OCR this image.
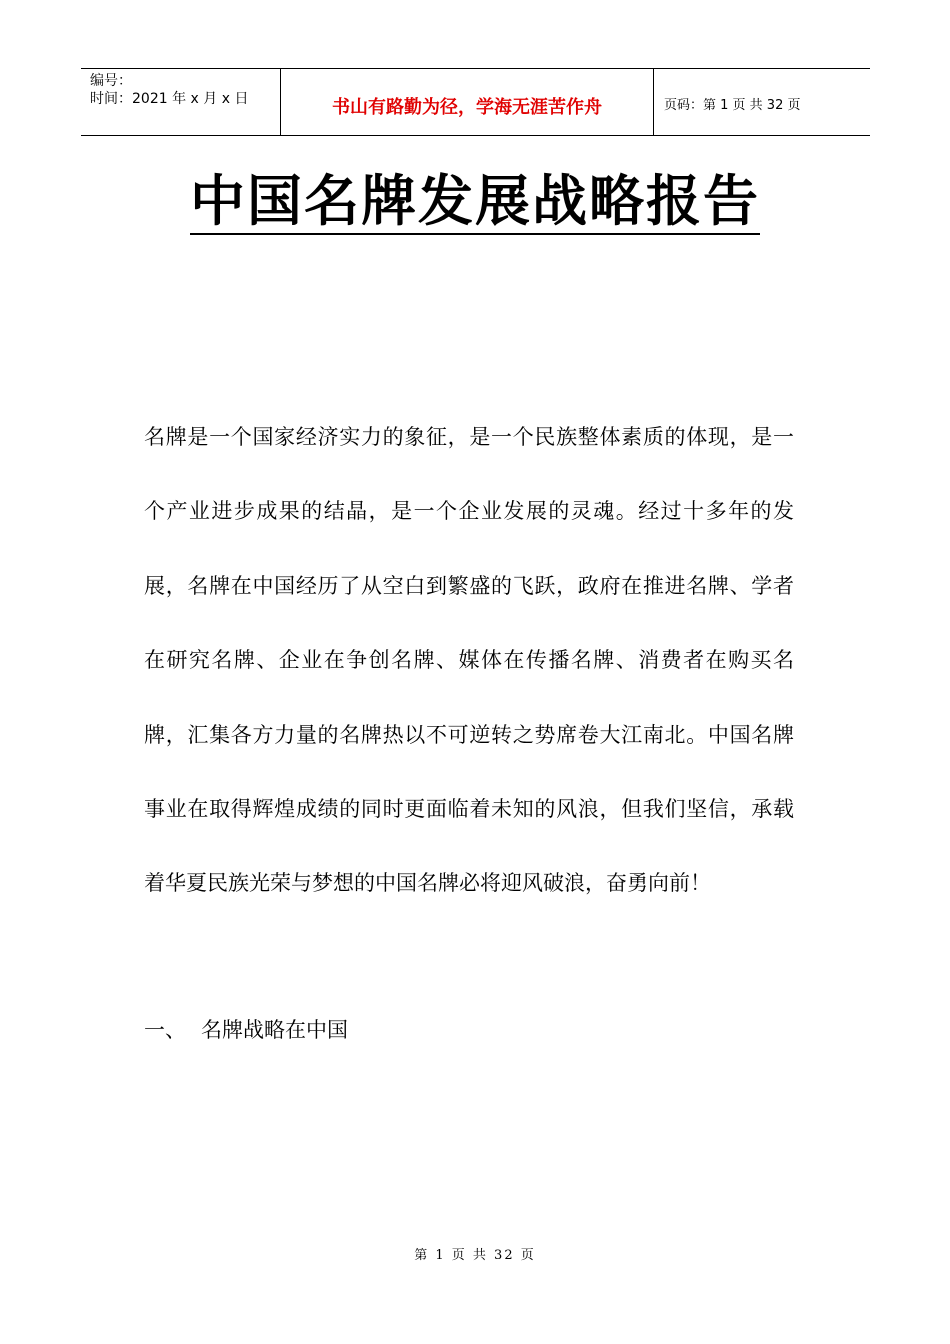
编号：
时间：2021 年 x 月 x 日	书山有路勤为径，学海无涯苦作舟	页码：第 1 页 共 32 页
中国名牌发展战略报告
名牌是一个国家经济实力的象征，是一个民族整体素质的体现，是一个产业进步成果的结晶，是一个企业发展的灵魂。经过十多年的发展，名牌在中国经历了从空白到繁盛的飞跃，政府在推进名牌、学者在研究名牌、企业在争创名牌、媒体在传播名牌、消费者在购买名牌，汇集各方力量的名牌热以不可逆转之势席卷大江南北。中国名牌事业在取得辉煌成绩的同时更面临着未知的风浪，但我们坚信，承载着华夏民族光荣与梦想的中国名牌必将迎风破浪，奋勇向前！
一、 名牌战略在中国
第 1 页 共 32 页
